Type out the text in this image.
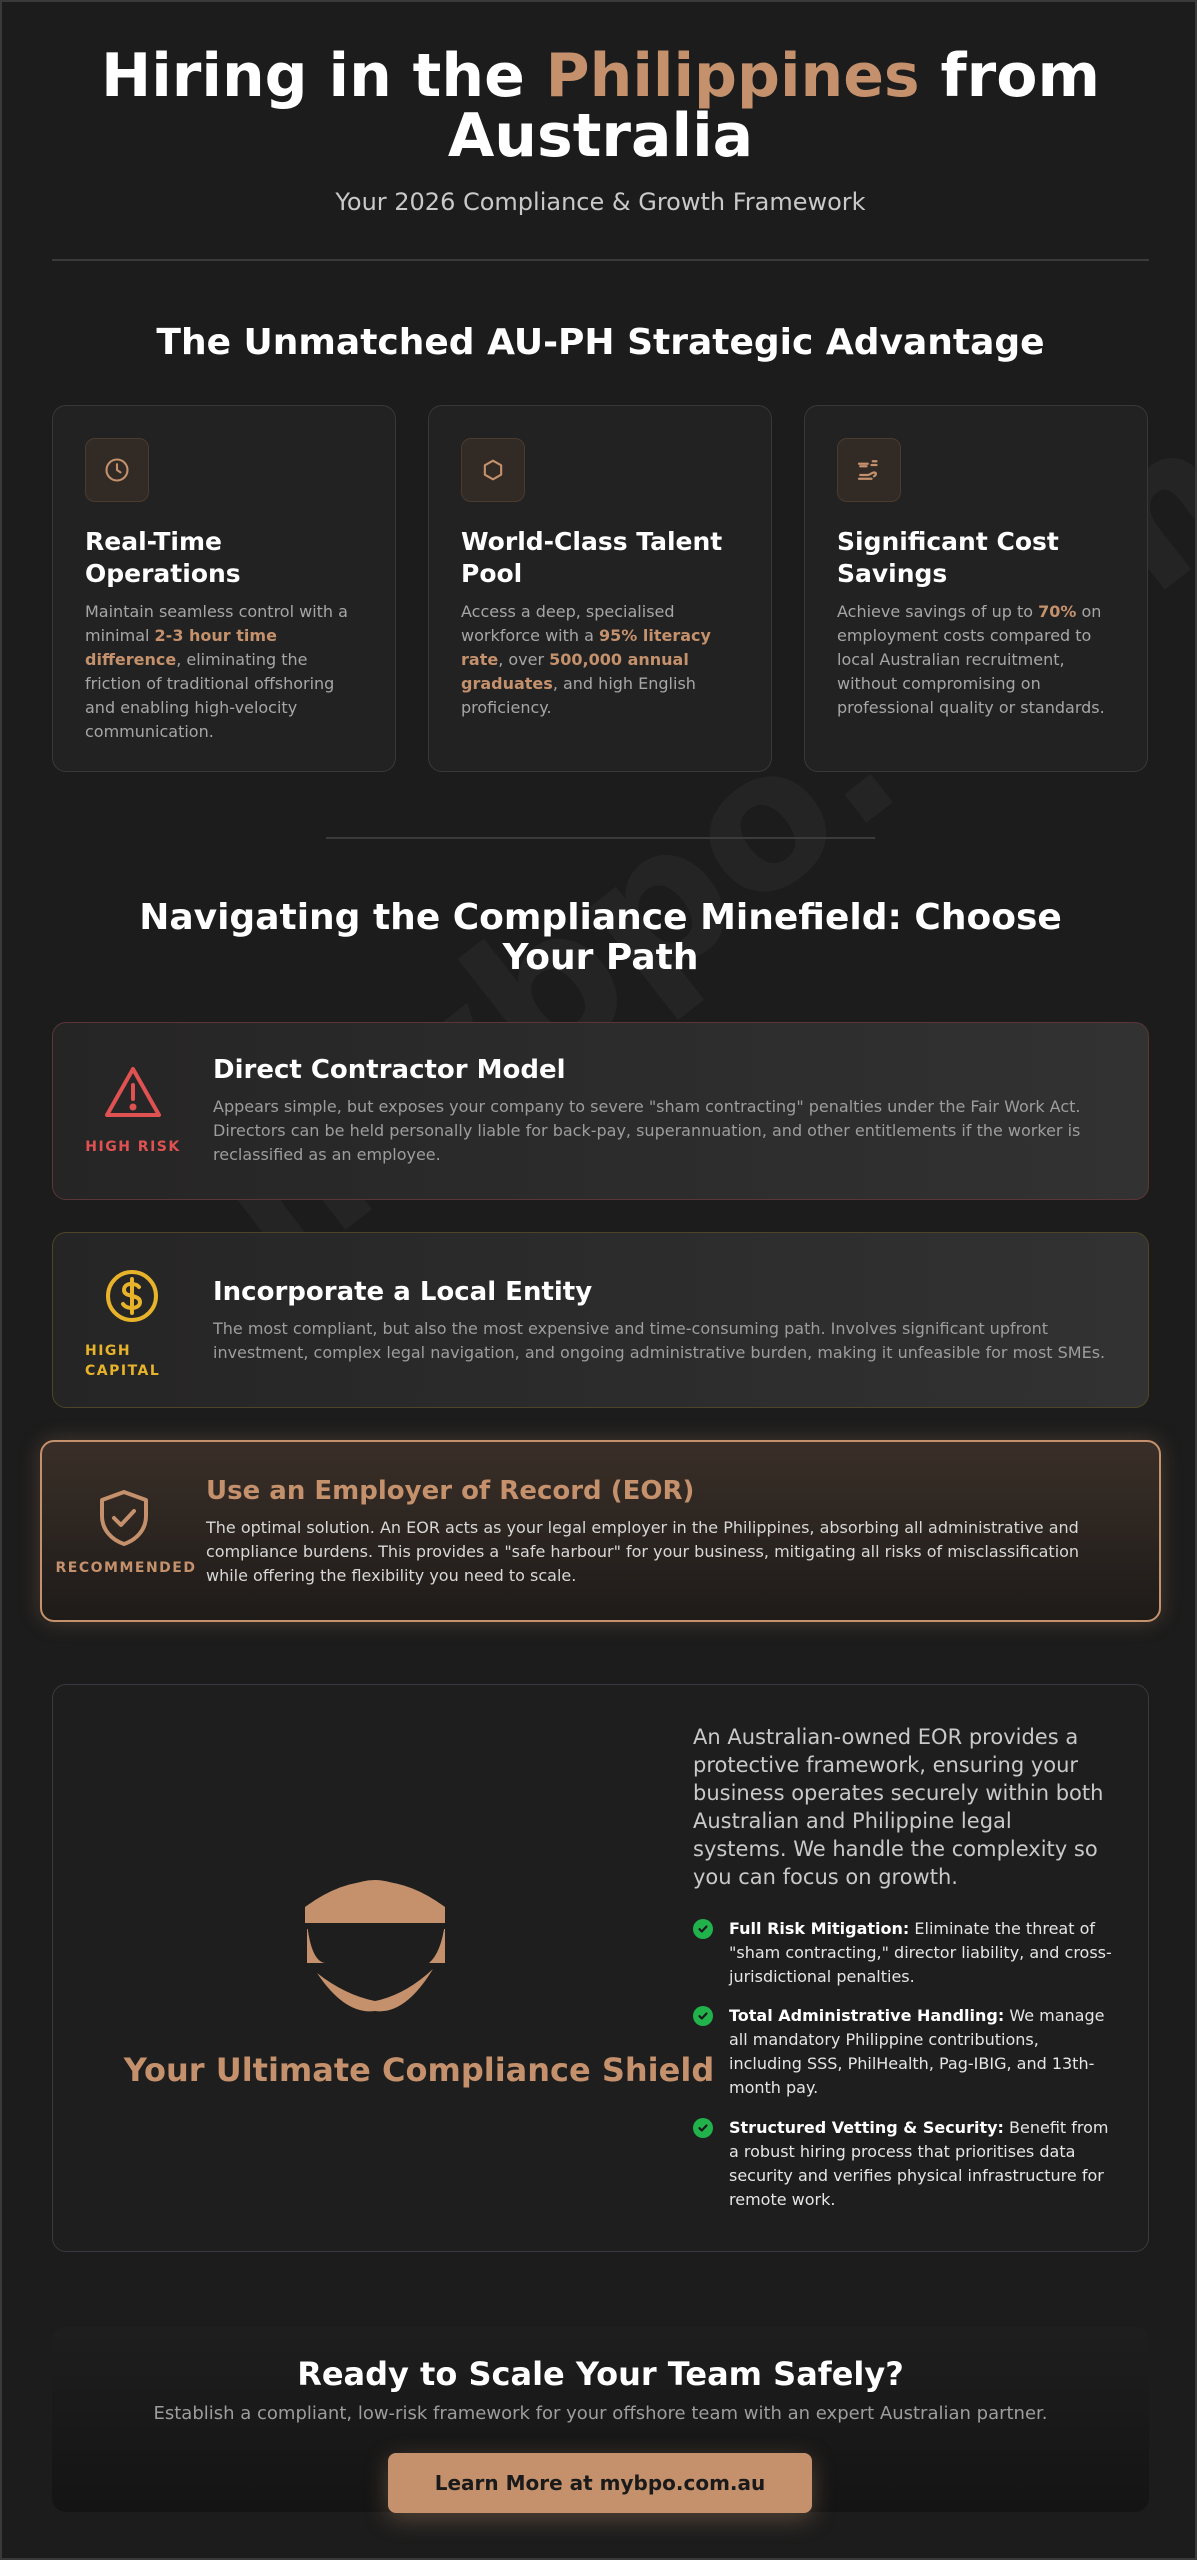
Hiring in the Philippines from Australia
Your 2026 Compliance & Growth Framework
The Unmatched AU-PH Strategic Advantage
Real-Time Operations

Maintain seamless control with a minimal 2-3 hour time difference, eliminating the friction of traditional offshoring and enabling high-velocity communication.

World-Class Talent Pool

Access a deep, specialised workforce with a 95% literacy rate, over 500,000 annual graduates, and high English proficiency.

Significant Cost Savings

Achieve savings of up to 70% on employment costs compared to local Australian recruitment, without compromising on professional quality or standards.

Navigating the Compliance Minefield: Choose Your Path
HIGH RISK
Direct Contractor Model

Appears simple, but exposes your company to severe "sham contracting" penalties under the Fair Work Act. Directors can be held personally liable for back-pay, superannuation, and other entitlements if the worker is reclassified as an employee.

HIGH CAPITAL
Incorporate a Local Entity

The most compliant, but also the most expensive and time-consuming path. Involves significant upfront investment, complex legal navigation, and ongoing administrative burden, making it unfeasible for most SMEs.

RECOMMENDED
Use an Employer of Record (EOR)

The optimal solution. An EOR acts as your legal employer in the Philippines, absorbing all administrative and compliance burdens. This provides a "safe harbour" for your business, mitigating all risks of misclassification while offering the flexibility you need to scale.

Your Ultimate Compliance Shield
An Australian-owned EOR provides a protective framework, ensuring your business operates securely within both Australian and Philippine legal systems. We handle the complexity so you can focus on growth.
Full Risk Mitigation: Eliminate the threat of "sham contracting," director liability, and cross-jurisdictional penalties.
Total Administrative Handling: We manage all mandatory Philippine contributions, including SSS, PhilHealth, Pag-IBIG, and 13th-month pay.
Structured Vetting & Security: Benefit from a robust hiring process that prioritises data security and verifies physical infrastructure for remote work.
Ready to Scale Your Team Safely?

Establish a compliant, low-risk framework for your offshore team with an expert Australian partner.

Learn More at mybpo.com.au
